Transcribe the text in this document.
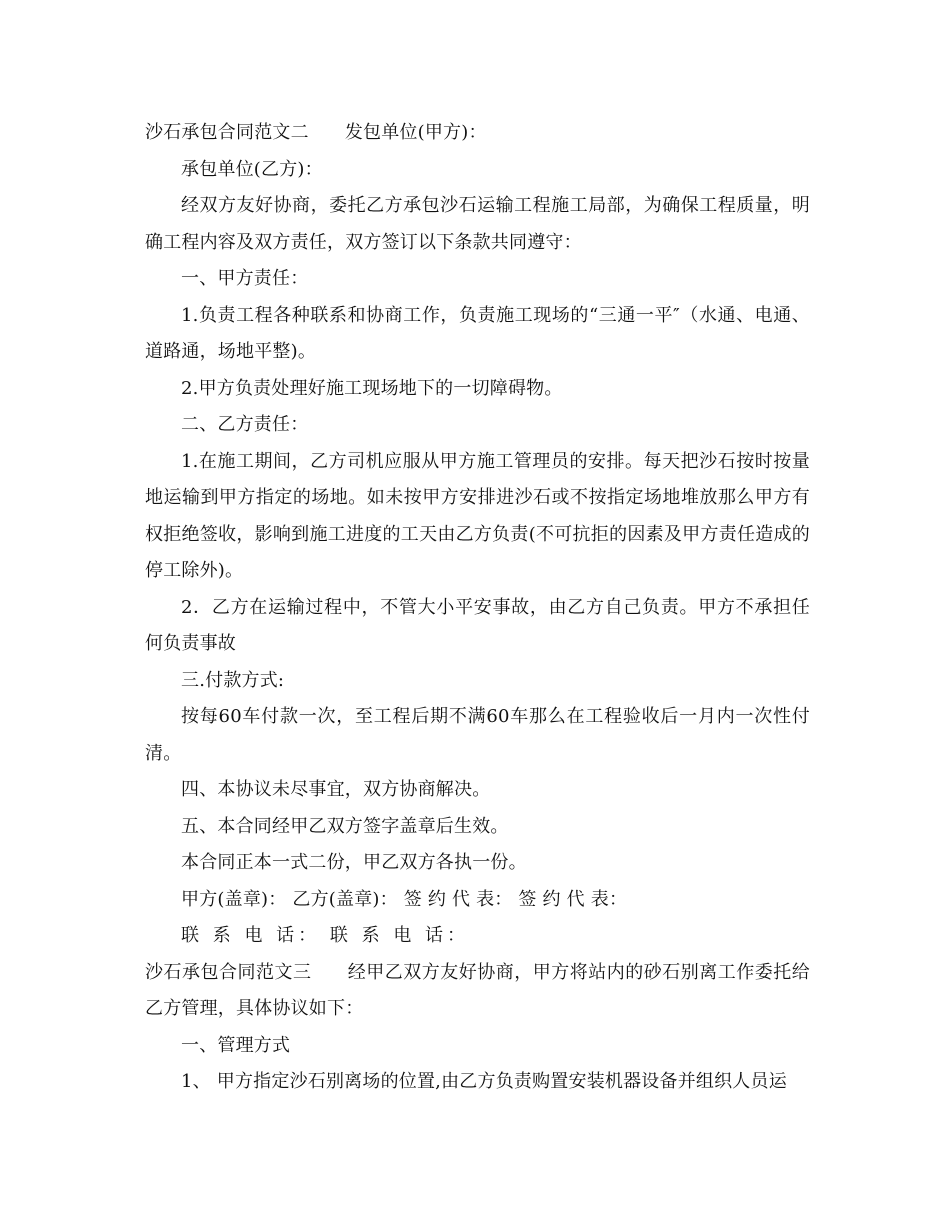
沙石承包合同范文二 发包单位(甲方)：

承包单位(乙方)：

经双方友好协商，委托乙方承包沙石运输工程施工局部，为确保工程质量，明确工程内容及双方责任，双方签订以下条款共同遵守：

一、甲方责任：

1.负责工程各种联系和协商工作，负责施工现场的“三通一平″（水通、电通、道路通，场地平整)。

2.甲方负责处理好施工现场地下的一切障碍物。

二、乙方责任：

1.在施工期间，乙方司机应服从甲方施工管理员的安排。每天把沙石按时按量地运输到甲方指定的场地。如未按甲方安排进沙石或不按指定场地堆放那么甲方有权拒绝签收，影响到施工进度的工天由乙方负责(不可抗拒的因素及甲方责任造成的停工除外)。

2．乙方在运输过程中，不管大小平安事故，由乙方自己负责。甲方不承担任何负责事故

三.付款方式:

按每60车付款一次，至工程后期不满60车那么在工程验收后一月内一次性付清。

四、本协议未尽事宜，双方协商解决。

五、本合同经甲乙双方签字盖章后生效。

本合同正本一式二份，甲乙双方各执一份。

甲方(盖章)： 乙方(盖章)： 签 约 代 表： 签 约 代 表：

联 系 电 话： 联 系 电 话：

沙石承包合同范文三 经甲乙双方友好协商，甲方将站内的砂石别离工作委托给乙方管理，具体协议如下：

一、管理方式

1、 甲方指定沙石别离场的位置,由乙方负责购置安装机器设备并组织人员运
